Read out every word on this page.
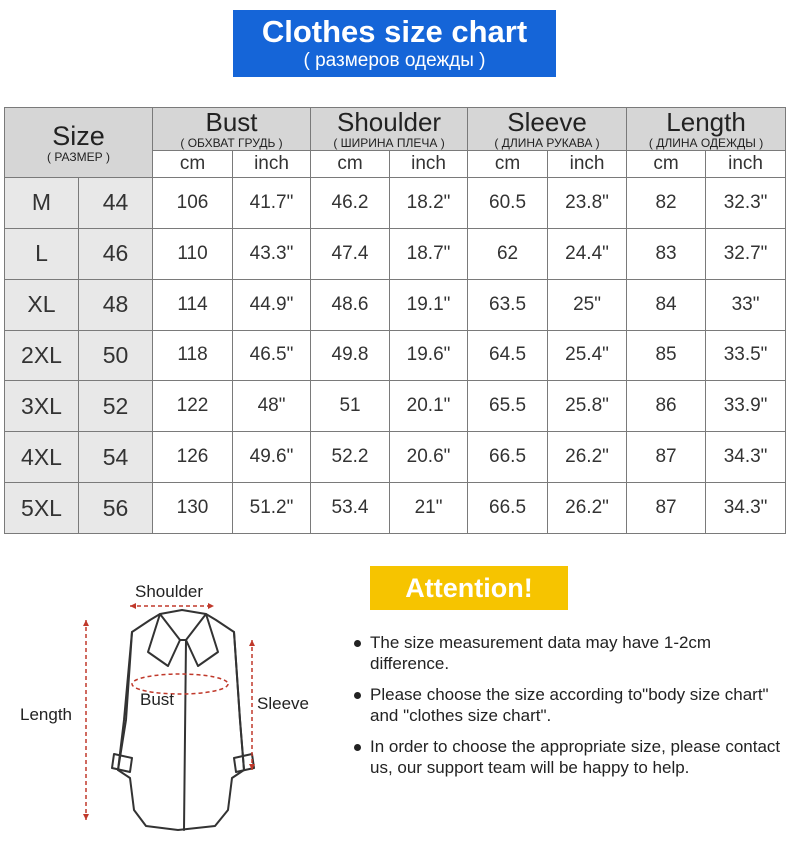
Clothes size chart
( размеров одежды )
Size
( РАЗМЕР )		Bust
( ОБХВАТ ГРУДЬ )		Shoulder
( ШИРИНА ПЛЕЧА )		Sleeve
( ДЛИНА РУКАВА )		Length
( ДЛИНА ОДЕЖДЫ )	

		cm	inch	cm	inch	cm	inch	cm	inch
M	44	106	41.7"	46.2	18.2"	60.5	23.8"	82	32.3"
L	46	110	43.3"	47.4	18.7"	62	24.4"	83	32.7"
XL	48	114	44.9"	48.6	19.1"	63.5	25"	84	33"
2XL	50	118	46.5"	49.8	19.6"	64.5	25.4"	85	33.5"
3XL	52	122	48"	51	20.1"	65.5	25.8"	86	33.9"
4XL	54	126	49.6"	52.2	20.6"	66.5	26.2"	87	34.3"
5XL	56	130	51.2"	53.4	21"	66.5	26.2"	87	34.3"
Shoulder
Bust	Sleeve
Length
Attention!
The size measurement data may have 1-2cm difference.
Please choose the size according to"body size chart" and "clothes size chart".
In order to choose the appropriate size, please contact us, our support team will be happy to help.
